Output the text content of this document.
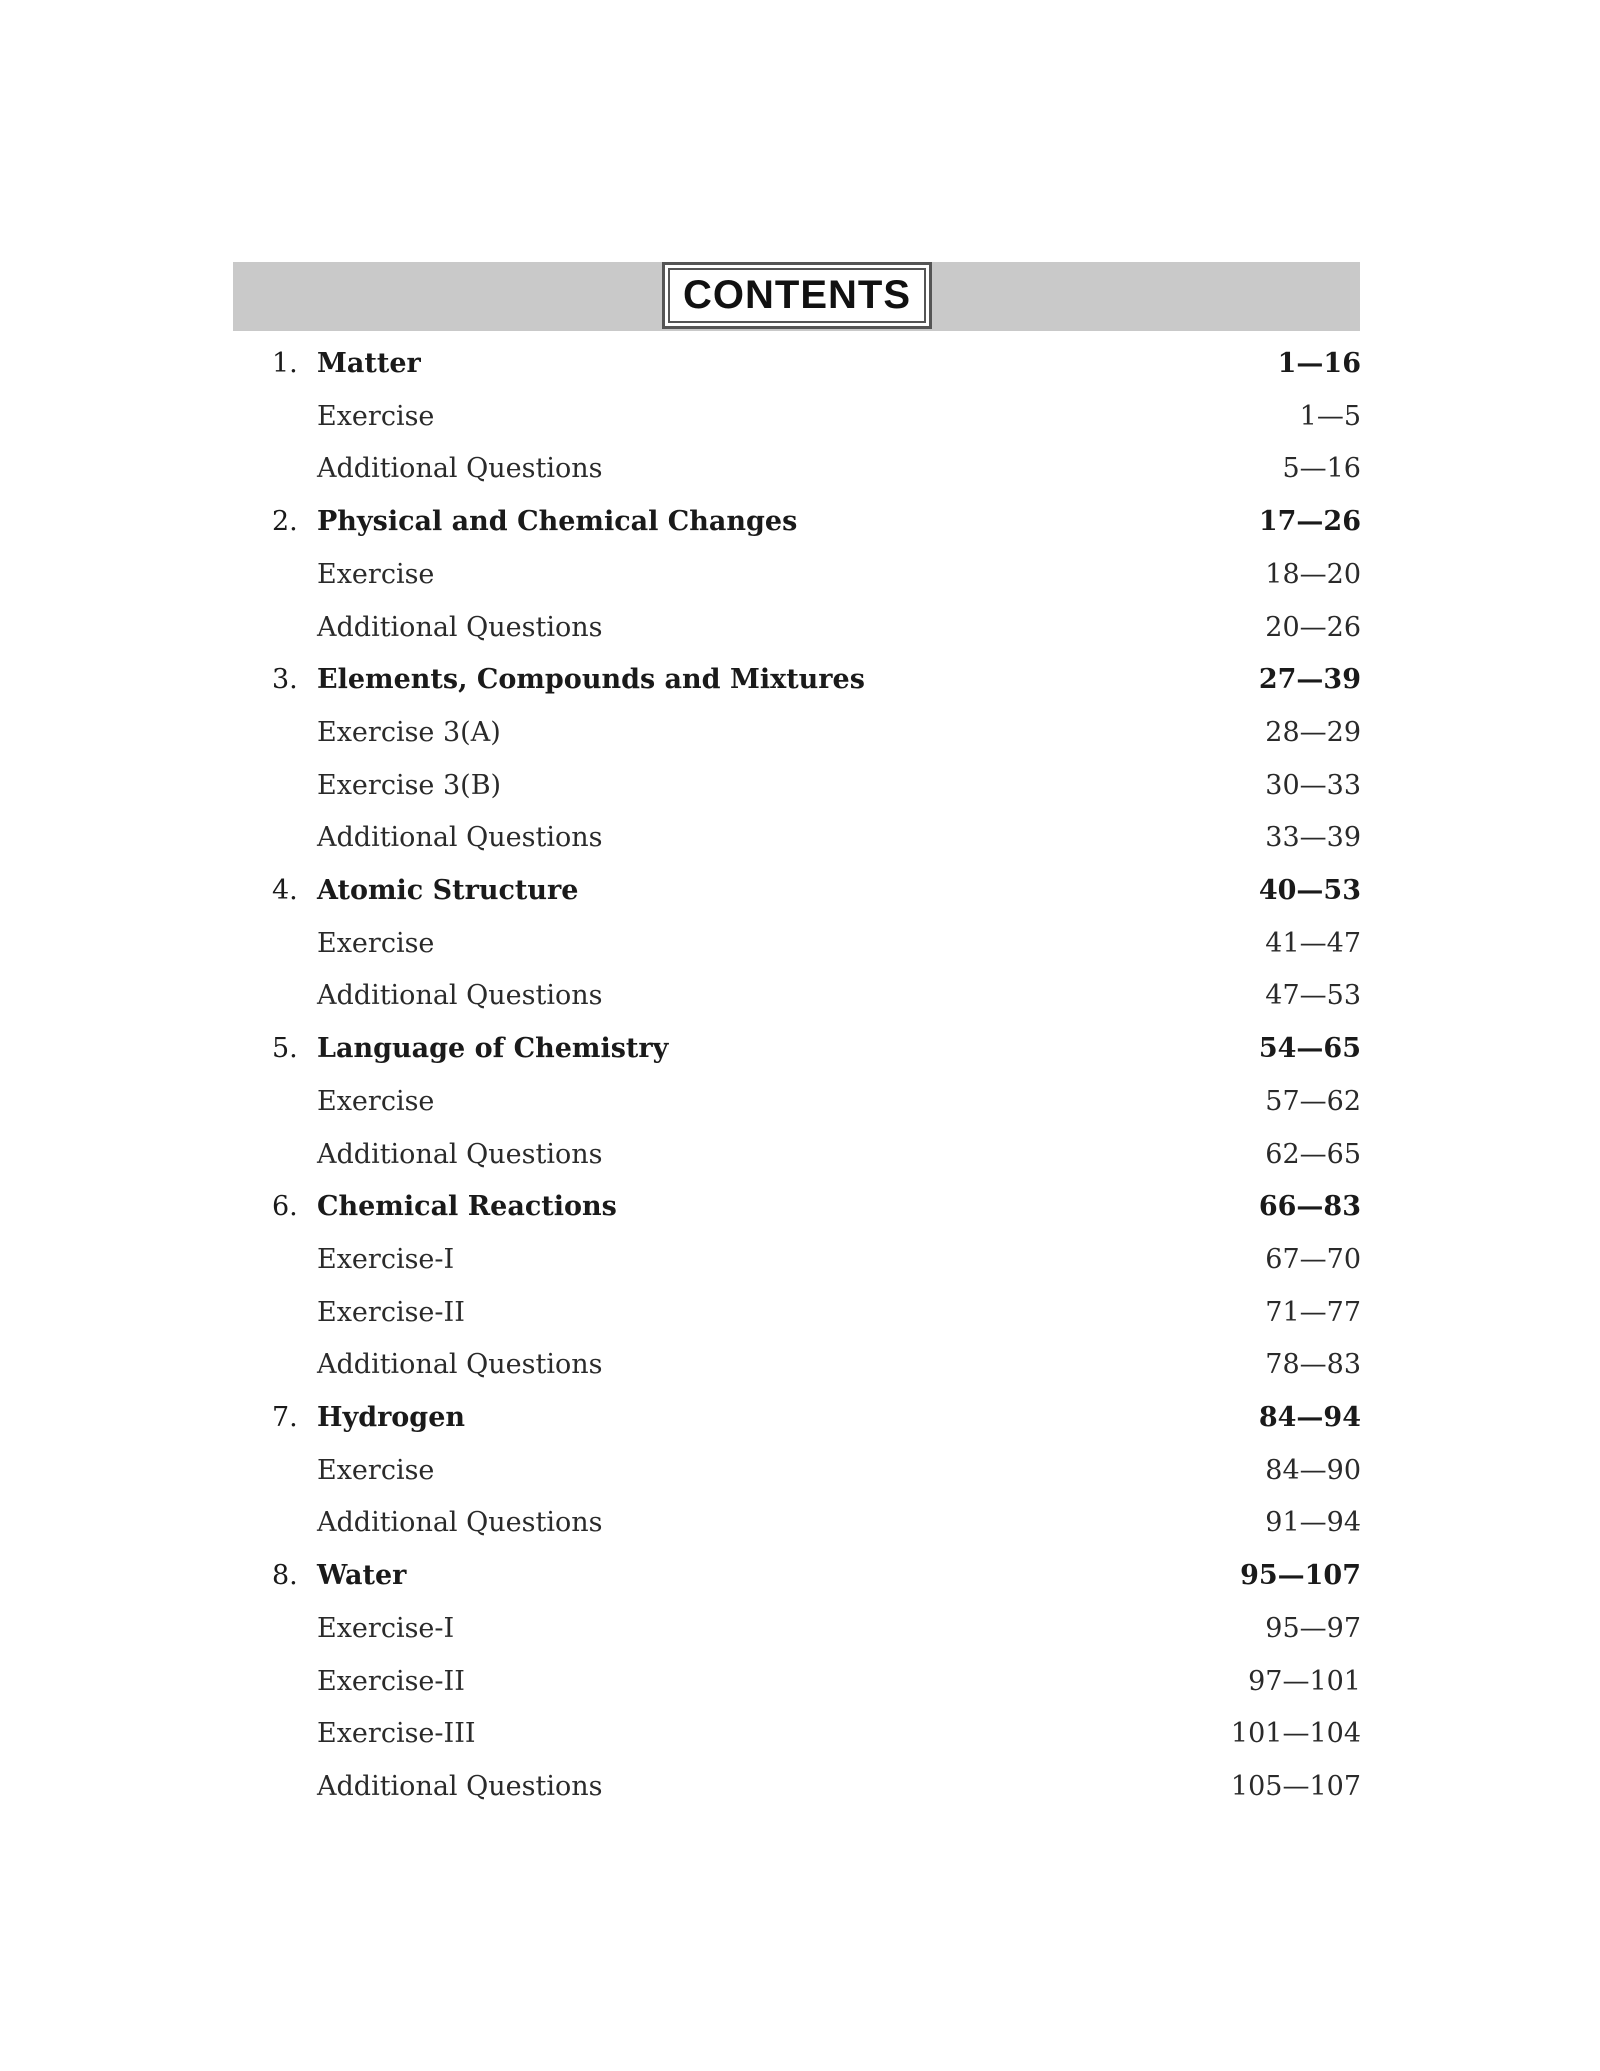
CONTENTS
1. Matter	1—16
Exercise	1—5
Additional Questions	5—16
2. Physical and Chemical Changes	17—26
Exercise	18—20
Additional Questions	20—26
3. Elements, Compounds and Mixtures	27—39
Exercise 3(A)	28—29
Exercise 3(B)	30—33
Additional Questions	33—39
4. Atomic Structure	40—53
Exercise	41—47
Additional Questions	47—53
5. Language of Chemistry	54—65
Exercise	57—62
Additional Questions	62—65
6. Chemical Reactions	66—83
Exercise-I	67—70
Exercise-II	71—77
Additional Questions	78—83
7. Hydrogen	84—94
Exercise	84—90
Additional Questions	91—94
8. Water	95—107
Exercise-I	95—97
Exercise-II	97—101
Exercise-III	101—104
Additional Questions	105—107
